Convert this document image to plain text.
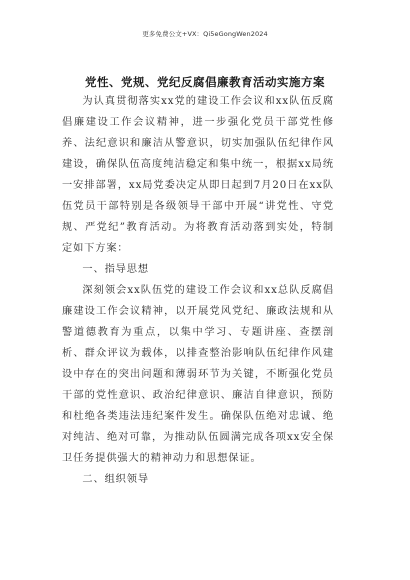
更多免费公文+VX：Qi5eGongWen2024
党性、党规、党纪反腐倡廉教育活动实施方案

为认真贯彻落实xx党的建设工作会议和xx队伍反腐倡廉建设工作会议精神，进一步强化党员干部党性修养、法纪意识和廉洁从警意识，切实加强队伍纪律作风建设，确保队伍高度纯洁稳定和集中统一，根据xx局统一安排部署，xx局党委决定从即日起到7月20日在xx队伍党员干部特别是各级领导干部中开展“讲党性、守党规、严党纪”教育活动。为将教育活动落到实处，特制定如下方案：

一、指导思想

深刻领会xx队伍党的建设工作会议和xx总队反腐倡廉建设工作会议精神，以开展党风党纪、廉政法规和从警道德教育为重点，以集中学习、专题讲座、查摆剖析、群众评议为载体，以排查整治影响队伍纪律作风建设中存在的突出问题和薄弱环节为关键，不断强化党员干部的党性意识、政治纪律意识、廉洁自律意识，预防和杜绝各类违法违纪案件发生。确保队伍绝对忠诚、绝对纯洁、绝对可靠，为推动队伍圆满完成各项xx安全保卫任务提供强大的精神动力和思想保证。

二、组织领导
